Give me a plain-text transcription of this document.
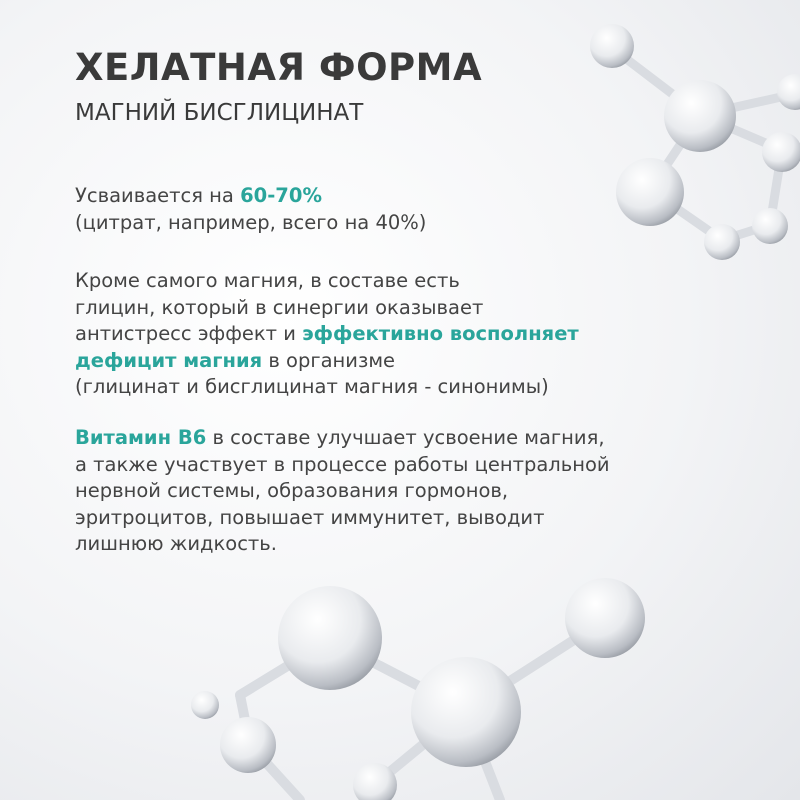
ХЕЛАТНАЯ ФОРМА
МАГНИЙ БИСГЛИЦИНАТ

Усваивается на 60-70%
(цитрат, например, всего на 40%)

Кроме самого магния, в составе есть
глицин, который в синергии оказывает
антистресс эффект и эффективно восполняет
дефицит магния в организме
(глицинат и бисглицинат магния - синонимы)

Витамин B6 в составе улучшает усвоение магния,
а также участвует в процессе работы центральной
нервной системы, образования гормонов,
эритроцитов, повышает иммунитет, выводит
лишнюю жидкость.
